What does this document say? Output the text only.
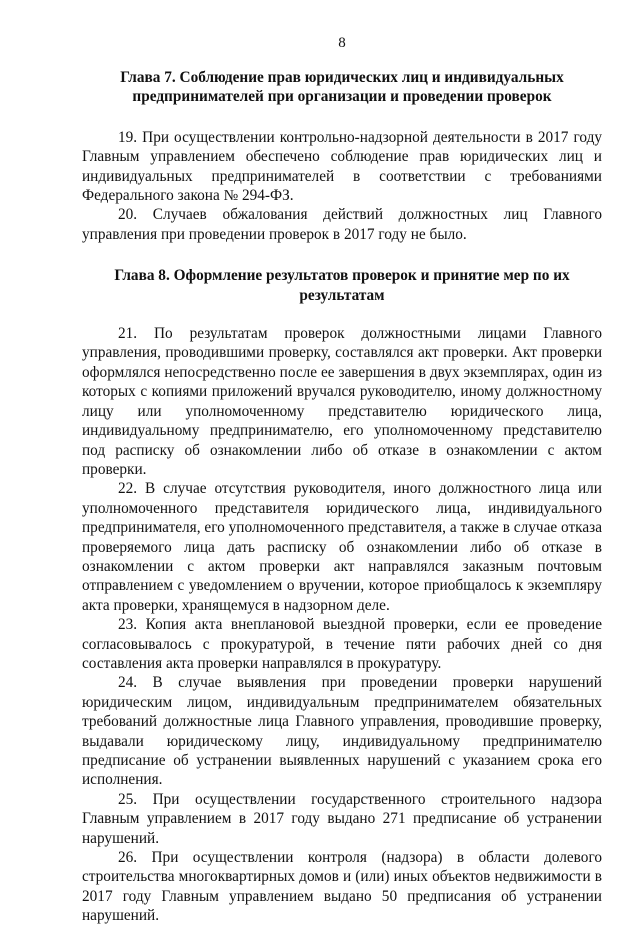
8
Глава 7. Соблюдение прав юридических лиц и индивидуальных предпринимателей при организации и проведении проверок

19. При осуществлении контрольно-надзорной деятельности в 2017 году Главным управлением обеспечено соблюдение прав юридических лиц и индивидуальных предпринимателей в соответствии с требованиями Федерального закона № 294-ФЗ.

20. Случаев обжалования действий должностных лиц Главного управления при проведении проверок в 2017 году не было.

Глава 8. Оформление результатов проверок и принятие мер по их результатам

21. По результатам проверок должностными лицами Главного управления, проводившими проверку, составлялся акт проверки. Акт проверки оформлялся непосредственно после ее завершения в двух экземплярах, один из которых с копиями приложений вручался руководителю, иному должностному лицу или уполномоченному представителю юридического лица, индивидуальному предпринимателю, его уполномоченному представителю под расписку об ознакомлении либо об отказе в ознакомлении с актом проверки.

22. В случае отсутствия руководителя, иного должностного лица или уполномоченного представителя юридического лица, индивидуального предпринимателя, его уполномоченного представителя, а также в случае отказа проверяемого лица дать расписку об ознакомлении либо об отказе в ознакомлении с актом проверки акт направлялся заказным почтовым отправлением с уведомлением о вручении, которое приобщалось к экземпляру акта проверки, хранящемуся в надзорном деле.

23. Копия акта внеплановой выездной проверки, если ее проведение согласовывалось с прокуратурой, в течение пяти рабочих дней со дня составления акта проверки направлялся в прокуратуру.

24. В случае выявления при проведении проверки нарушений юридическим лицом, индивидуальным предпринимателем обязательных требований должностные лица Главного управления, проводившие проверку, выдавали юридическому лицу, индивидуальному предпринимателю предписание об устранении выявленных нарушений с указанием срока его исполнения.

25. При осуществлении государственного строительного надзора Главным управлением в 2017 году выдано 271 предписание об устранении нарушений.

26. При осуществлении контроля (надзора) в области долевого строительства многоквартирных домов и (или) иных объектов недвижимости в 2017 году Главным управлением выдано 50 предписания об устранении нарушений.
